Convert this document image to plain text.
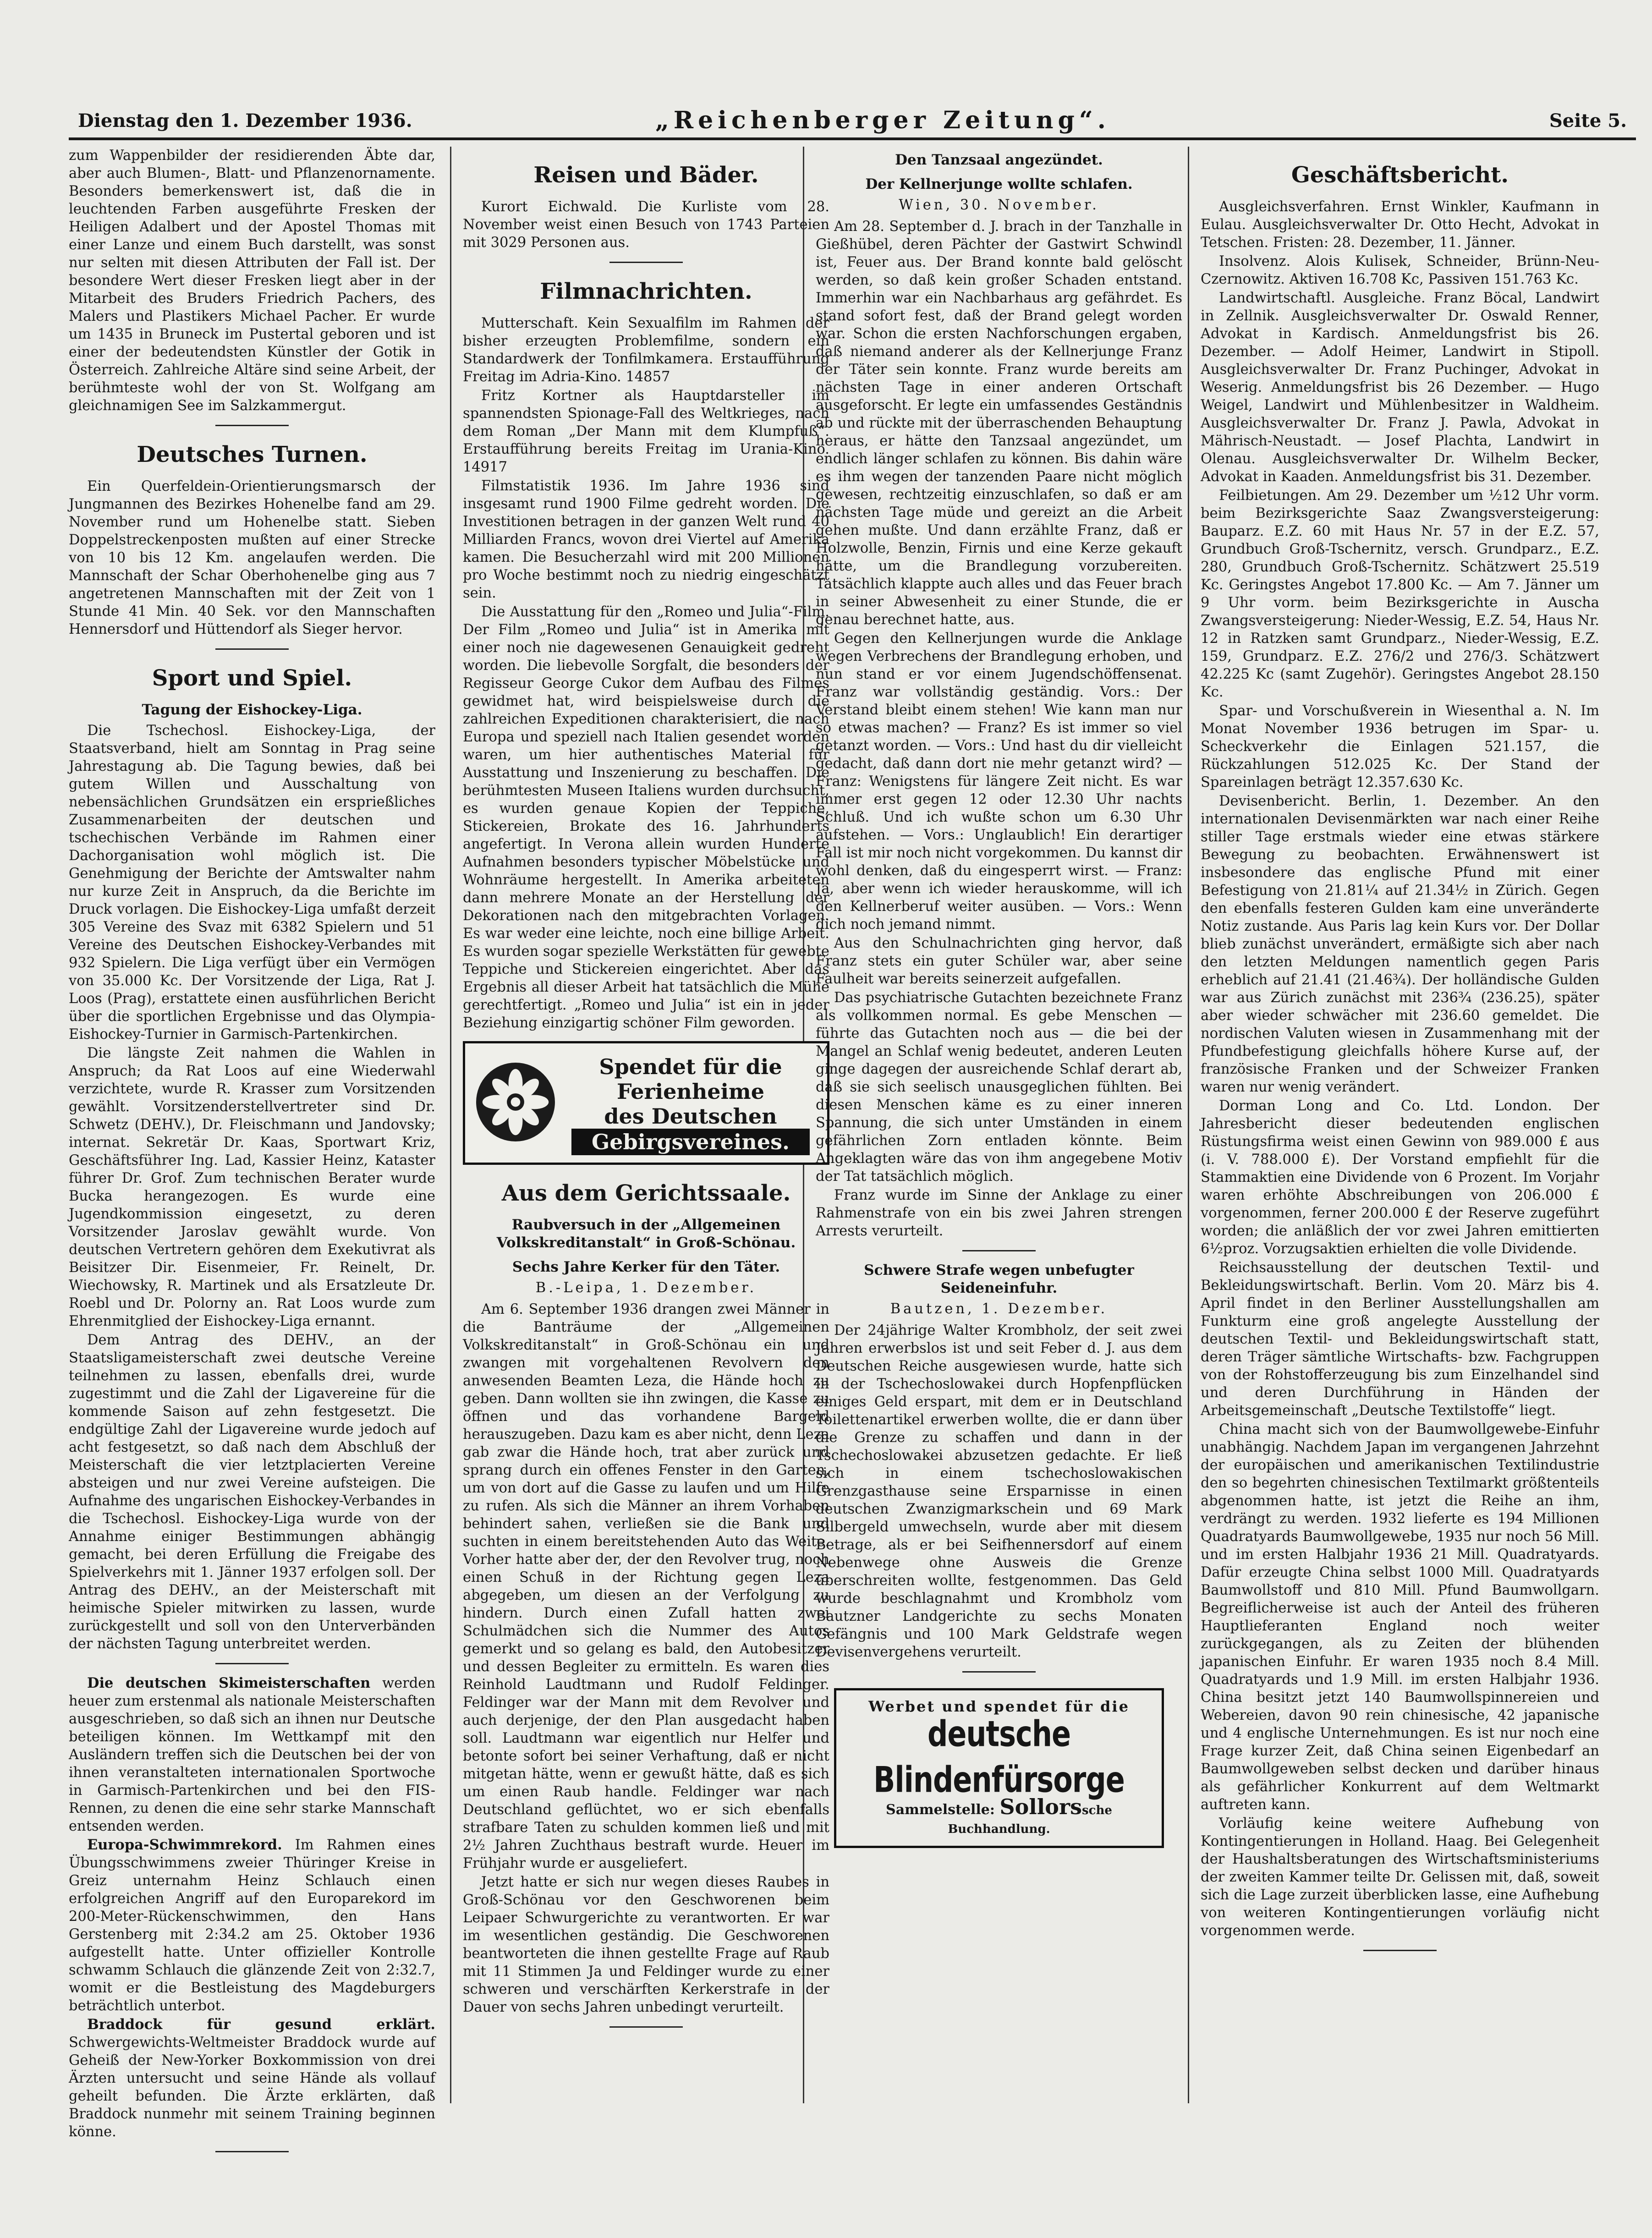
Dienstag den 1. Dezember 1936.	„Reichenberger Zeitung“.	Seite 5.

zum Wappenbilder der residierenden Äbte dar, aber auch Blumen-, Blatt- und Pflanzenornamente. Besonders bemerkenswert ist, daß die in leuchtenden Farben ausgeführte Fresken der Heiligen Adalbert und der Apostel Thomas mit einer Lanze und einem Buch darstellt, was sonst nur selten mit diesen Attributen der Fall ist. Der besondere Wert dieser Fresken liegt aber in der Mitarbeit des Bruders Friedrich Pachers, des Malers und Plastikers Michael Pacher. Er wurde um 1435 in Bruneck im Pustertal geboren und ist einer der bedeutendsten Künstler der Gotik in Österreich. Zahlreiche Altäre sind seine Arbeit, der berühmteste wohl der von St. Wolfgang am gleichnamigen See im Salzkammergut.

Deutsches Turnen.

Ein Querfeldein-Orientierungsmarsch der Jungmannen des Bezirkes Hohenelbe fand am 29. November rund um Hohenelbe statt. Sieben Doppelstreckenposten mußten auf einer Strecke von 10 bis 12 Km. angelaufen werden. Die Mannschaft der Schar Oberhohenelbe ging aus 7 angetretenen Mannschaften mit der Zeit von 1 Stunde 41 Min. 40 Sek. vor den Mannschaften Hennersdorf und Hüttendorf als Sieger hervor.

Sport und Spiel.
Tagung der Eishockey-Liga.

Die Tschechosl. Eishockey-Liga, der Staatsverband, hielt am Sonntag in Prag seine Jahrestagung ab. Die Tagung bewies, daß bei gutem Willen und Ausschaltung von nebensächlichen Grundsätzen ein ersprießliches Zusammenarbeiten der deutschen und tschechischen Verbände im Rahmen einer Dachorganisation wohl möglich ist. Die Genehmigung der Berichte der Amtswalter nahm nur kurze Zeit in Anspruch, da die Berichte im Druck vorlagen. Die Eishockey-Liga umfaßt derzeit 305 Vereine des Svaz mit 6382 Spielern und 51 Vereine des Deutschen Eishockey-Verbandes mit 932 Spielern. Die Liga verfügt über ein Vermögen von 35.000 Kc. Der Vorsitzende der Liga, Rat J. Loos (Prag), erstattete einen ausführlichen Bericht über die sportlichen Ergebnisse und das Olympia-Eishockey-Turnier in Garmisch-Partenkirchen.

Die längste Zeit nahmen die Wahlen in Anspruch; da Rat Loos auf eine Wiederwahl verzichtete, wurde R. Krasser zum Vorsitzenden gewählt. Vorsitzenderstellvertreter sind Dr. Schwetz (DEHV.), Dr. Fleischmann und Jandovsky; internat. Sekretär Dr. Kaas, Sportwart Kriz, Geschäftsführer Ing. Lad, Kassier Heinz, Kataster führer Dr. Grof. Zum technischen Berater wurde Bucka herangezogen. Es wurde eine Jugendkommission eingesetzt, zu deren Vorsitzender Jaroslav gewählt wurde. Von deutschen Vertretern gehören dem Exekutivrat als Beisitzer Dir. Eisenmeier, Fr. Reinelt, Dr. Wiechowsky, R. Martinek und als Ersatzleute Dr. Roebl und Dr. Polorny an. Rat Loos wurde zum Ehrenmitglied der Eishockey-Liga ernannt.

Dem Antrag des DEHV., an der Staatsligameisterschaft zwei deutsche Vereine teilnehmen zu lassen, ebenfalls drei, wurde zugestimmt und die Zahl der Ligavereine für die kommende Saison auf zehn festgesetzt. Die endgültige Zahl der Ligavereine wurde jedoch auf acht festgesetzt, so daß nach dem Abschluß der Meisterschaft die vier letztplacierten Vereine absteigen und nur zwei Vereine aufsteigen. Die Aufnahme des ungarischen Eishockey-Verbandes in die Tschechosl. Eishockey-Liga wurde von der Annahme einiger Bestimmungen abhängig gemacht, bei deren Erfüllung die Freigabe des Spielverkehrs mit 1. Jänner 1937 erfolgen soll. Der Antrag des DEHV., an der Meisterschaft mit heimische Spieler mitwirken zu lassen, wurde zurückgestellt und soll von den Unterverbänden der nächsten Tagung unterbreitet werden.

Die deutschen Skimeisterschaften werden heuer zum erstenmal als nationale Meisterschaften ausgeschrieben, so daß sich an ihnen nur Deutsche beteiligen können. Im Wettkampf mit den Ausländern treffen sich die Deutschen bei der von ihnen veranstalteten internationalen Sportwoche in Garmisch-Partenkirchen und bei den FIS-Rennen, zu denen die eine sehr starke Mannschaft entsenden werden.

Europa-Schwimmrekord. Im Rahmen eines Übungsschwimmens zweier Thüringer Kreise in Greiz unternahm Heinz Schlauch einen erfolgreichen Angriff auf den Europarekord im 200-Meter-Rückenschwimmen, den Hans Gerstenberg mit 2:34.2 am 25. Oktober 1936 aufgestellt hatte. Unter offizieller Kontrolle schwamm Schlauch die glänzende Zeit von 2:32.7, womit er die Bestleistung des Magdeburgers beträchtlich unterbot.

Braddock für gesund erklärt. Schwergewichts-Weltmeister Braddock wurde auf Geheiß der New-Yorker Boxkommission von drei Ärzten untersucht und seine Hände als vollauf geheilt befunden. Die Ärzte erklärten, daß Braddock nunmehr mit seinem Training beginnen könne.

Reisen und Bäder.

Kurort Eichwald. Die Kurliste vom 28. November weist einen Besuch von 1743 Parteien mit 3029 Personen aus.

Filmnachrichten.

Mutterschaft. Kein Sexualfilm im Rahmen der bisher erzeugten Problemfilme, sondern ein Standardwerk der Tonfilmkamera. Erstaufführung Freitag im Adria-Kino. 14857

Fritz Kortner als Hauptdarsteller im spannendsten Spionage-Fall des Weltkrieges, nach dem Roman „Der Mann mit dem Klumpfuß“. Erstaufführung bereits Freitag im Urania-Kino. 14917

Filmstatistik 1936. Im Jahre 1936 sind insgesamt rund 1900 Filme gedreht worden. Die Investitionen betragen in der ganzen Welt rund 40 Milliarden Francs, wovon drei Viertel auf Amerika kamen. Die Besucherzahl wird mit 200 Millionen pro Woche bestimmt noch zu niedrig eingeschätzt sein.

Die Ausstattung für den „Romeo und Julia“-Film. Der Film „Romeo und Julia“ ist in Amerika mit einer noch nie dagewesenen Genauigkeit gedreht worden. Die liebevolle Sorgfalt, die besonders der Regisseur George Cukor dem Aufbau des Filmes gewidmet hat, wird beispielsweise durch die zahlreichen Expeditionen charakterisiert, die nach Europa und speziell nach Italien gesendet worden waren, um hier authentisches Material für Ausstattung und Inszenierung zu beschaffen. Die berühmtesten Museen Italiens wurden durchsucht, es wurden genaue Kopien der Teppiche, Stickereien, Brokate des 16. Jahrhunderts angefertigt. In Verona allein wurden Hunderte Aufnahmen besonders typischer Möbelstücke und Wohnräume hergestellt. In Amerika arbeiteten dann mehrere Monate an der Herstellung der Dekorationen nach den mitgebrachten Vorlagen. Es war weder eine leichte, noch eine billige Arbeit. Es wurden sogar spezielle Werkstätten für gewebte Teppiche und Stickereien eingerichtet. Aber das Ergebnis all dieser Arbeit hat tatsächlich die Mühe gerechtfertigt. „Romeo und Julia“ ist ein in jeder Beziehung einzigartig schöner Film geworden.

Spendet für die
Ferienheime
des Deutschen
Gebirgsvereines.
Aus dem Gerichtssaale.
Raubversuch in der „Allgemeinen Volkskreditanstalt“ in Groß-Schönau.
Sechs Jahre Kerker für den Täter.
B.-Leipa, 1. Dezember.

Am 6. September 1936 drangen zwei Männer in die Banträume der „Allgemeinen Volkskreditanstalt“ in Groß-Schönau ein und zwangen mit vorgehaltenen Revolvern den anwesenden Beamten Leza, die Hände hoch zu geben. Dann wollten sie ihn zwingen, die Kasse zu öffnen und das vorhandene Bargeld herauszugeben. Dazu kam es aber nicht, denn Leza gab zwar die Hände hoch, trat aber zurück und sprang durch ein offenes Fenster in den Garten, um von dort auf die Gasse zu laufen und um Hilfe zu rufen. Als sich die Männer an ihrem Vorhaben behindert sahen, verließen sie die Bank und suchten in einem bereitstehenden Auto das Weite. Vorher hatte aber der, der den Revolver trug, noch einen Schuß in der Richtung gegen Leza abgegeben, um diesen an der Verfolgung zu hindern. Durch einen Zufall hatten zwei Schulmädchen sich die Nummer des Autos gemerkt und so gelang es bald, den Autobesitzer und dessen Begleiter zu ermitteln. Es waren dies Reinhold Laudtmann und Rudolf Feldinger. Feldinger war der Mann mit dem Revolver und auch derjenige, der den Plan ausgedacht haben soll. Laudtmann war eigentlich nur Helfer und betonte sofort bei seiner Verhaftung, daß er nicht mitgetan hätte, wenn er gewußt hätte, daß es sich um einen Raub handle. Feldinger war nach Deutschland geflüchtet, wo er sich ebenfalls strafbare Taten zu schulden kommen ließ und mit 2½ Jahren Zuchthaus bestraft wurde. Heuer im Frühjahr wurde er ausgeliefert.

Jetzt hatte er sich nur wegen dieses Raubes in Groß-Schönau vor den Geschworenen beim Leipaer Schwurgerichte zu verantworten. Er war im wesentlichen geständig. Die Geschworenen beantworteten die ihnen gestellte Frage auf Raub mit 11 Stimmen Ja und Feldinger wurde zu einer schweren und verschärften Kerkerstrafe in der Dauer von sechs Jahren unbedingt verurteilt.

Den Tanzsaal angezündet.
Der Kellnerjunge wollte schlafen.
Wien, 30. November.

Am 28. September d. J. brach in der Tanzhalle in Gießhübel, deren Pächter der Gastwirt Schwindl ist, Feuer aus. Der Brand konnte bald gelöscht werden, so daß kein großer Schaden entstand. Immerhin war ein Nachbarhaus arg gefährdet. Es stand sofort fest, daß der Brand gelegt worden war. Schon die ersten Nachforschungen ergaben, daß niemand anderer als der Kellnerjunge Franz der Täter sein konnte. Franz wurde bereits am nächsten Tage in einer anderen Ortschaft ausgeforscht. Er legte ein umfassendes Geständnis ab und rückte mit der überraschenden Behauptung heraus, er hätte den Tanzsaal angezündet, um endlich länger schlafen zu können. Bis dahin wäre es ihm wegen der tanzenden Paare nicht möglich gewesen, rechtzeitig einzuschlafen, so daß er am nächsten Tage müde und gereizt an die Arbeit gehen mußte. Und dann erzählte Franz, daß er Holzwolle, Benzin, Firnis und eine Kerze gekauft hätte, um die Brandlegung vorzubereiten. Tatsächlich klappte auch alles und das Feuer brach in seiner Abwesenheit zu einer Stunde, die er genau berechnet hatte, aus.

Gegen den Kellnerjungen wurde die Anklage wegen Verbrechens der Brandlegung erhoben, und nun stand er vor einem Jugendschöffensenat. Franz war vollständig geständig. Vors.: Der Verstand bleibt einem stehen! Wie kann man nur so etwas machen? — Franz? Es ist immer so viel getanzt worden. — Vors.: Und hast du dir vielleicht gedacht, daß dann dort nie mehr getanzt wird? — Franz: Wenigstens für längere Zeit nicht. Es war immer erst gegen 12 oder 12.30 Uhr nachts Schluß. Und ich wußte schon um 6.30 Uhr aufstehen. — Vors.: Unglaublich! Ein derartiger Fall ist mir noch nicht vorgekommen. Du kannst dir wohl denken, daß du eingesperrt wirst. — Franz: Ja, aber wenn ich wieder herauskomme, will ich den Kellnerberuf weiter ausüben. — Vors.: Wenn dich noch jemand nimmt.

Aus den Schulnachrichten ging hervor, daß Franz stets ein guter Schüler war, aber seine Faulheit war bereits seinerzeit aufgefallen.

Das psychiatrische Gutachten bezeichnete Franz als vollkommen normal. Es gebe Menschen — führte das Gutachten noch aus — die bei der Mangel an Schlaf wenig bedeutet, anderen Leuten ginge dagegen der ausreichende Schlaf derart ab, daß sie sich seelisch unausgeglichen fühlten. Bei diesen Menschen käme es zu einer inneren Spannung, die sich unter Umständen in einem gefährlichen Zorn entladen könnte. Beim Angeklagten wäre das von ihm angegebene Motiv der Tat tatsächlich möglich.

Franz wurde im Sinne der Anklage zu einer Rahmenstrafe von ein bis zwei Jahren strengen Arrests verurteilt.

Schwere Strafe wegen unbefugter Seideneinfuhr.
Bautzen, 1. Dezember.

Der 24jährige Walter Krombholz, der seit zwei Jahren erwerbslos ist und seit Feber d. J. aus dem Deutschen Reiche ausgewiesen wurde, hatte sich in der Tschechoslowakei durch Hopfenpflücken einiges Geld erspart, mit dem er in Deutschland Toilettenartikel erwerben wollte, die er dann über die Grenze zu schaffen und dann in der Tschechoslowakei abzusetzen gedachte. Er ließ sich in einem tschechoslowakischen Grenzgasthause seine Ersparnisse in einen deutschen Zwanzigmarkschein und 69 Mark Silbergeld umwechseln, wurde aber mit diesem Betrage, als er bei Seifhennersdorf auf einem Nebenwege ohne Ausweis die Grenze überschreiten wollte, festgenommen. Das Geld wurde beschlagnahmt und Krombholz vom Bautzner Landgerichte zu sechs Monaten Gefängnis und 100 Mark Geldstrafe wegen Devisenvergehens verurteilt.

Werbet und spendet für die
deutsche Blindenfürsorge
Sammelstelle: Sollorssche Buchhandlung.
Geschäftsbericht.

Ausgleichsverfahren. Ernst Winkler, Kaufmann in Eulau. Ausgleichsverwalter Dr. Otto Hecht, Advokat in Tetschen. Fristen: 28. Dezember, 11. Jänner.

Insolvenz. Alois Kulisek, Schneider, Brünn-Neu-Czernowitz. Aktiven 16.708 Kc, Passiven 151.763 Kc.

Landwirtschaftl. Ausgleiche. Franz Böcal, Landwirt in Zellnik. Ausgleichsverwalter Dr. Oswald Renner, Advokat in Kardisch. Anmeldungsfrist bis 26. Dezember. — Adolf Heimer, Landwirt in Stipoll. Ausgleichsverwalter Dr. Franz Puchinger, Advokat in Weserig. Anmeldungsfrist bis 26 Dezember. — Hugo Weigel, Landwirt und Mühlenbesitzer in Waldheim. Ausgleichsverwalter Dr. Franz J. Pawla, Advokat in Mährisch-Neustadt. — Josef Plachta, Landwirt in Olenau. Ausgleichsverwalter Dr. Wilhelm Becker, Advokat in Kaaden. Anmeldungsfrist bis 31. Dezember.

Feilbietungen. Am 29. Dezember um ½12 Uhr vorm. beim Bezirksgerichte Saaz Zwangsversteigerung: Bauparz. E.Z. 60 mit Haus Nr. 57 in der E.Z. 57, Grundbuch Groß-Tschernitz, versch. Grundparz., E.Z. 280, Grundbuch Groß-Tschernitz. Schätzwert 25.519 Kc. Geringstes Angebot 17.800 Kc. — Am 7. Jänner um 9 Uhr vorm. beim Bezirksgerichte in Auscha Zwangsversteigerung: Nieder-Wessig, E.Z. 54, Haus Nr. 12 in Ratzken samt Grundparz., Nieder-Wessig, E.Z. 159, Grundparz. E.Z. 276/2 und 276/3. Schätzwert 42.225 Kc (samt Zugehör). Geringstes Angebot 28.150 Kc.

Spar- und Vorschußverein in Wiesenthal a. N. Im Monat November 1936 betrugen im Spar- u. Scheckverkehr die Einlagen 521.157, die Rückzahlungen 512.025 Kc. Der Stand der Spareinlagen beträgt 12.357.630 Kc.

Devisenbericht. Berlin, 1. Dezember. An den internationalen Devisenmärkten war nach einer Reihe stiller Tage erstmals wieder eine etwas stärkere Bewegung zu beobachten. Erwähnenswert ist insbesondere das englische Pfund mit einer Befestigung von 21.81¼ auf 21.34½ in Zürich. Gegen den ebenfalls festeren Gulden kam eine unveränderte Notiz zustande. Aus Paris lag kein Kurs vor. Der Dollar blieb zunächst unverändert, ermäßigte sich aber nach den letzten Meldungen namentlich gegen Paris erheblich auf 21.41 (21.46¾). Der holländische Gulden war aus Zürich zunächst mit 236¾ (236.25), später aber wieder schwächer mit 236.60 gemeldet. Die nordischen Valuten wiesen in Zusammenhang mit der Pfundbefestigung gleichfalls höhere Kurse auf, der französische Franken und der Schweizer Franken waren nur wenig verändert.

Dorman Long and Co. Ltd. London. Der Jahresbericht dieser bedeutenden englischen Rüstungsfirma weist einen Gewinn von 989.000 £ aus (i. V. 788.000 £). Der Vorstand empfiehlt für die Stammaktien eine Dividende von 6 Prozent. Im Vorjahr waren erhöhte Abschreibungen von 206.000 £ vorgenommen, ferner 200.000 £ der Reserve zugeführt worden; die anläßlich der vor zwei Jahren emittierten 6½proz. Vorzugsaktien erhielten die volle Dividende.

Reichsausstellung der deutschen Textil- und Bekleidungswirtschaft. Berlin. Vom 20. März bis 4. April findet in den Berliner Ausstellungshallen am Funkturm eine groß angelegte Ausstellung der deutschen Textil- und Bekleidungswirtschaft statt, deren Träger sämtliche Wirtschafts- bzw. Fachgruppen von der Rohstofferzeugung bis zum Einzelhandel sind und deren Durchführung in Händen der Arbeitsgemeinschaft „Deutsche Textilstoffe“ liegt.

China macht sich von der Baumwollgewebe-Einfuhr unabhängig. Nachdem Japan im vergangenen Jahrzehnt der europäischen und amerikanischen Textilindustrie den so begehrten chinesischen Textilmarkt größtenteils abgenommen hatte, ist jetzt die Reihe an ihm, verdrängt zu werden. 1932 lieferte es 194 Millionen Quadratyards Baumwollgewebe, 1935 nur noch 56 Mill. und im ersten Halbjahr 1936 21 Mill. Quadratyards. Dafür erzeugte China selbst 1000 Mill. Quadratyards Baumwollstoff und 810 Mill. Pfund Baumwollgarn. Begreiflicherweise ist auch der Anteil des früheren Hauptlieferanten England noch weiter zurückgegangen, als zu Zeiten der blühenden japanischen Einfuhr. Er waren 1935 noch 8.4 Mill. Quadratyards und 1.9 Mill. im ersten Halbjahr 1936. China besitzt jetzt 140 Baumwollspinnereien und Webereien, davon 90 rein chinesische, 42 japanische und 4 englische Unternehmungen. Es ist nur noch eine Frage kurzer Zeit, daß China seinen Eigenbedarf an Baumwollgeweben selbst decken und darüber hinaus als gefährlicher Konkurrent auf dem Weltmarkt auftreten kann.

Vorläufig keine weitere Aufhebung von Kontingentierungen in Holland. Haag. Bei Gelegenheit der Haushaltsberatungen des Wirtschaftsministeriums der zweiten Kammer teilte Dr. Gelissen mit, daß, soweit sich die Lage zurzeit überblicken lasse, eine Aufhebung von weiteren Kontingentierungen vorläufig nicht vorgenommen werde.
